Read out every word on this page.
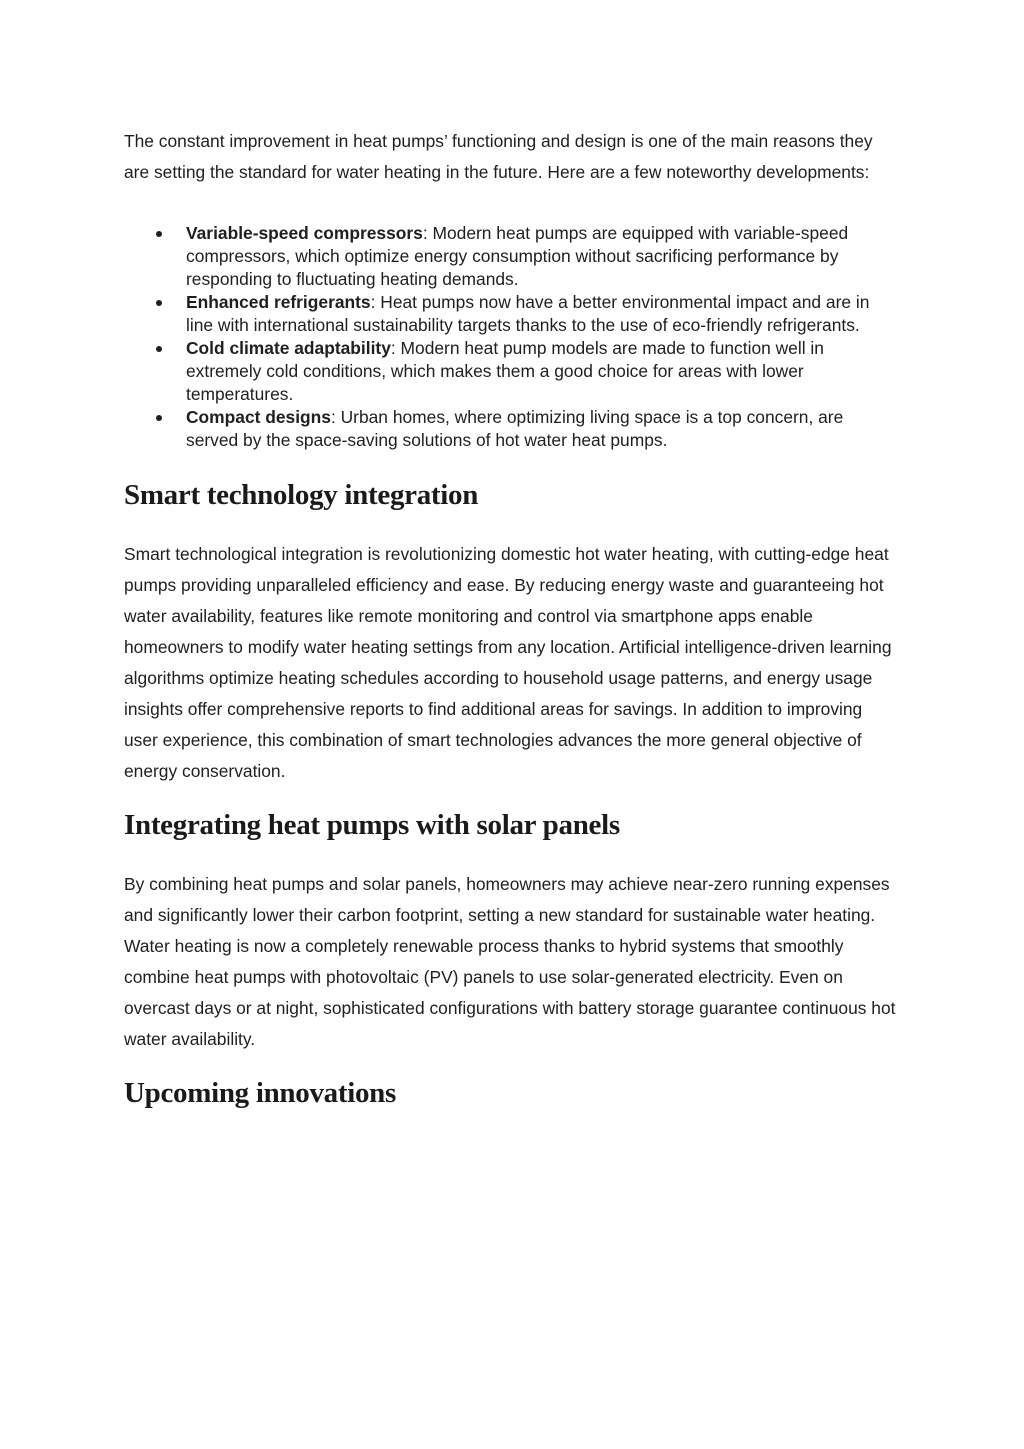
The constant improvement in heat pumps’ functioning and design is one of the main reasons they are setting the standard for water heating in the future. Here are a few noteworthy developments:

Variable-speed compressors: Modern heat pumps are equipped with variable-speed compressors, which optimize energy consumption without sacrificing performance by responding to fluctuating heating demands.
Enhanced refrigerants: Heat pumps now have a better environmental impact and are in line with international sustainability targets thanks to the use of eco-friendly refrigerants.
Cold climate adaptability: Modern heat pump models are made to function well in extremely cold conditions, which makes them a good choice for areas with lower temperatures.
Compact designs: Urban homes, where optimizing living space is a top concern, are served by the space-saving solutions of hot water heat pumps.
Smart technology integration

Smart technological integration is revolutionizing domestic hot water heating, with cutting-edge heat pumps providing unparalleled efficiency and ease. By reducing energy waste and guaranteeing hot water availability, features like remote monitoring and control via smartphone apps enable homeowners to modify water heating settings from any location. Artificial intelligence-driven learning algorithms optimize heating schedules according to household usage patterns, and energy usage insights offer comprehensive reports to find additional areas for savings. In addition to improving user experience, this combination of smart technologies advances the more general objective of energy conservation.

Integrating heat pumps with solar panels

By combining heat pumps and solar panels, homeowners may achieve near-zero running expenses and significantly lower their carbon footprint, setting a new standard for sustainable water heating. Water heating is now a completely renewable process thanks to hybrid systems that smoothly combine heat pumps with photovoltaic (PV) panels to use solar-generated electricity. Even on overcast days or at night, sophisticated configurations with battery storage guarantee continuous hot water availability.

Upcoming innovations
